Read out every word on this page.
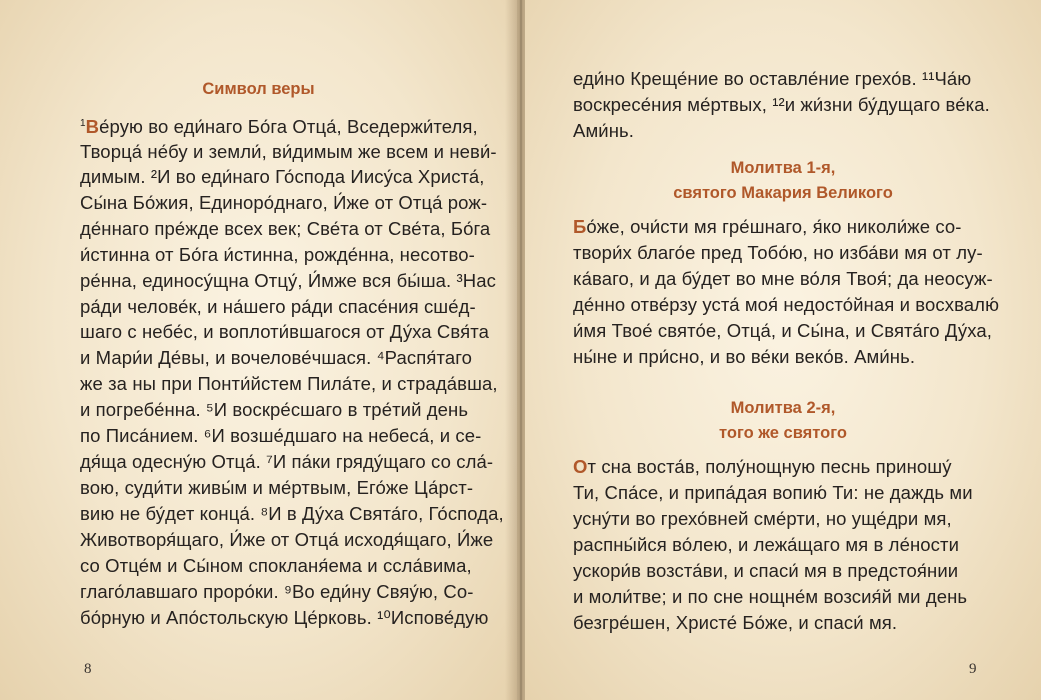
Символ веры
$^1$Ве́рую во еди́наго Бо́га Отца́, Вседержи́теля,
Творца́ не́бу и земли́, ви́димым же всем и неви́-
димым. ²И во еди́наго Го́спода Иису́са Христа́,
Сы́на Бо́жия, Единоро́днаго, И́же от Отца́ рож-
де́ннаго пре́жде всех век; Све́та от Све́та, Бо́га
и́стинна от Бо́га и́стинна, рожде́нна, несотво-
ре́нна, единосу́щна Отцу́, И́мже вся бы́ша. ³Нас
ра́ди челове́к, и на́шего ра́ди спасе́ния сше́д-
шаго с небе́с, и воплоти́вшагося от Ду́ха Свя́та
и Мари́и Де́вы, и вочелове́чшася. ⁴Распя́таго
же за ны при Понти́йстем Пила́те, и страда́вша,
и погребе́нна. ⁵И воскре́сшаго в тре́тий день
по Писа́нием. ⁶И возше́дшаго на небеса́, и се-
дя́ща одесну́ю Отца́. ⁷И па́ки гряду́щаго со сла́-
вою, суди́ти живы́м и ме́ртвым, Его́же Ца́рст-
вию не бу́дет конца́. ⁸И в Ду́ха Свята́го, Го́спода,
Животворя́щаго, И́же от Отца́ исходя́щаго, И́же
со Отце́м и Сы́ном спокланя́ема и ссла́вима,
глаго́лавшаго проро́ки. ⁹Во еди́ну Свяу́ю, Со-
бо́рную и Апо́стольскую Це́рковь. ¹⁰Испове́дую
8
еди́но Креще́ние во оставле́ние грехо́в. ¹¹Ча́ю
воскресе́ния ме́ртвых, ¹²и жи́зни бу́дущаго ве́ка.
Ами́нь.
Молитва 1-я,
святого Макария Великого
Бо́же, очи́сти мя гре́шнаго, я́ко николи́же со-
твори́х благо́е пред Тобо́ю, но изба́ви мя от лу-
ка́ваго, и да бу́дет во мне во́ля Твоя́; да неосуж-
де́нно отве́рзу уста́ моя́ недосто́йная и восхвалю́
и́мя Твое́ свято́е, Отца́, и Сы́на, и Свята́го Ду́ха,
ны́не и при́сно, и во ве́ки веко́в. Ами́нь.
Молитва 2-я,
того же святого
От сна воста́в, полу́нощную песнь приношу́
Ти, Спа́се, и припа́дая вопию́ Ти: не даждь ми
усну́ти во грехо́вней сме́рти, но уще́дри мя,
распны́йся во́лею, и лежа́щаго мя в ле́ности
ускори́в возста́ви, и спаси́ мя в предстоя́нии
и моли́тве; и по сне нощне́м возсия́й ми день
безгре́шен, Христе́ Бо́же, и спаси́ мя.
9
